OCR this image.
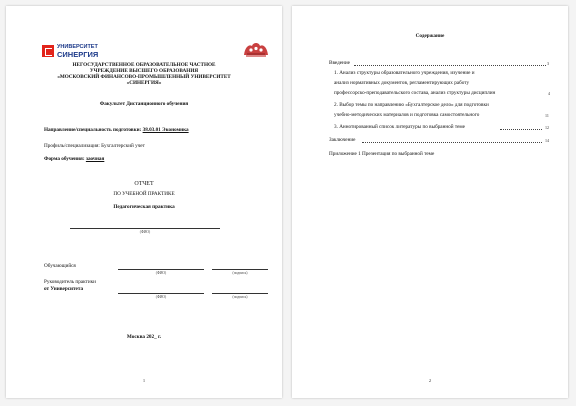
УНИВЕРСИТЕТ
СИНЕРГИЯ
НЕГОСУДАРСТВЕННОЕ ОБРАЗОВАТЕЛЬНОЕ ЧАСТНОЕ
УЧРЕЖДЕНИЕ ВЫСШЕГО ОБРАЗОВАНИЯ
«МОСКОВСКИЙ ФИНАНСОВО-ПРОМЫШЛЕННЫЙ УНИВЕРСИТЕТ
«СИНЕРГИЯ»
Факультет Дистанционного обучения
Направление/специальность подготовки: 38.03.01 Экономика
Профиль/специализация: Бухгалтерский учет
Форма обучения: заочная
ОТЧЕТ
ПО УЧЕБНОЙ ПРАКТИКЕ
Педагогическая практика
(ФИО)
Обучающийся
(ФИО)	(подпись)
Руководитель практики
от Университета
(ФИО)	(подпись)
Москва 202_ г.
1
Содержание
Введение	3
1. Анализ структуры образовательного учреждения, изучение и
анализ нормативных документов, регламентирующих работу
профессорско-преподавательского состава, анализ структуры дисциплин	4
2. Выбор темы по направлению «Бухгалтерское дело» для подготовки
учебно-методических материалов и подготовка самостоятельного	11
3. Аннотированный список литературы по выбранной теме	12
Заключение	14
Приложение 1 Презентация по выбранной теме
2
